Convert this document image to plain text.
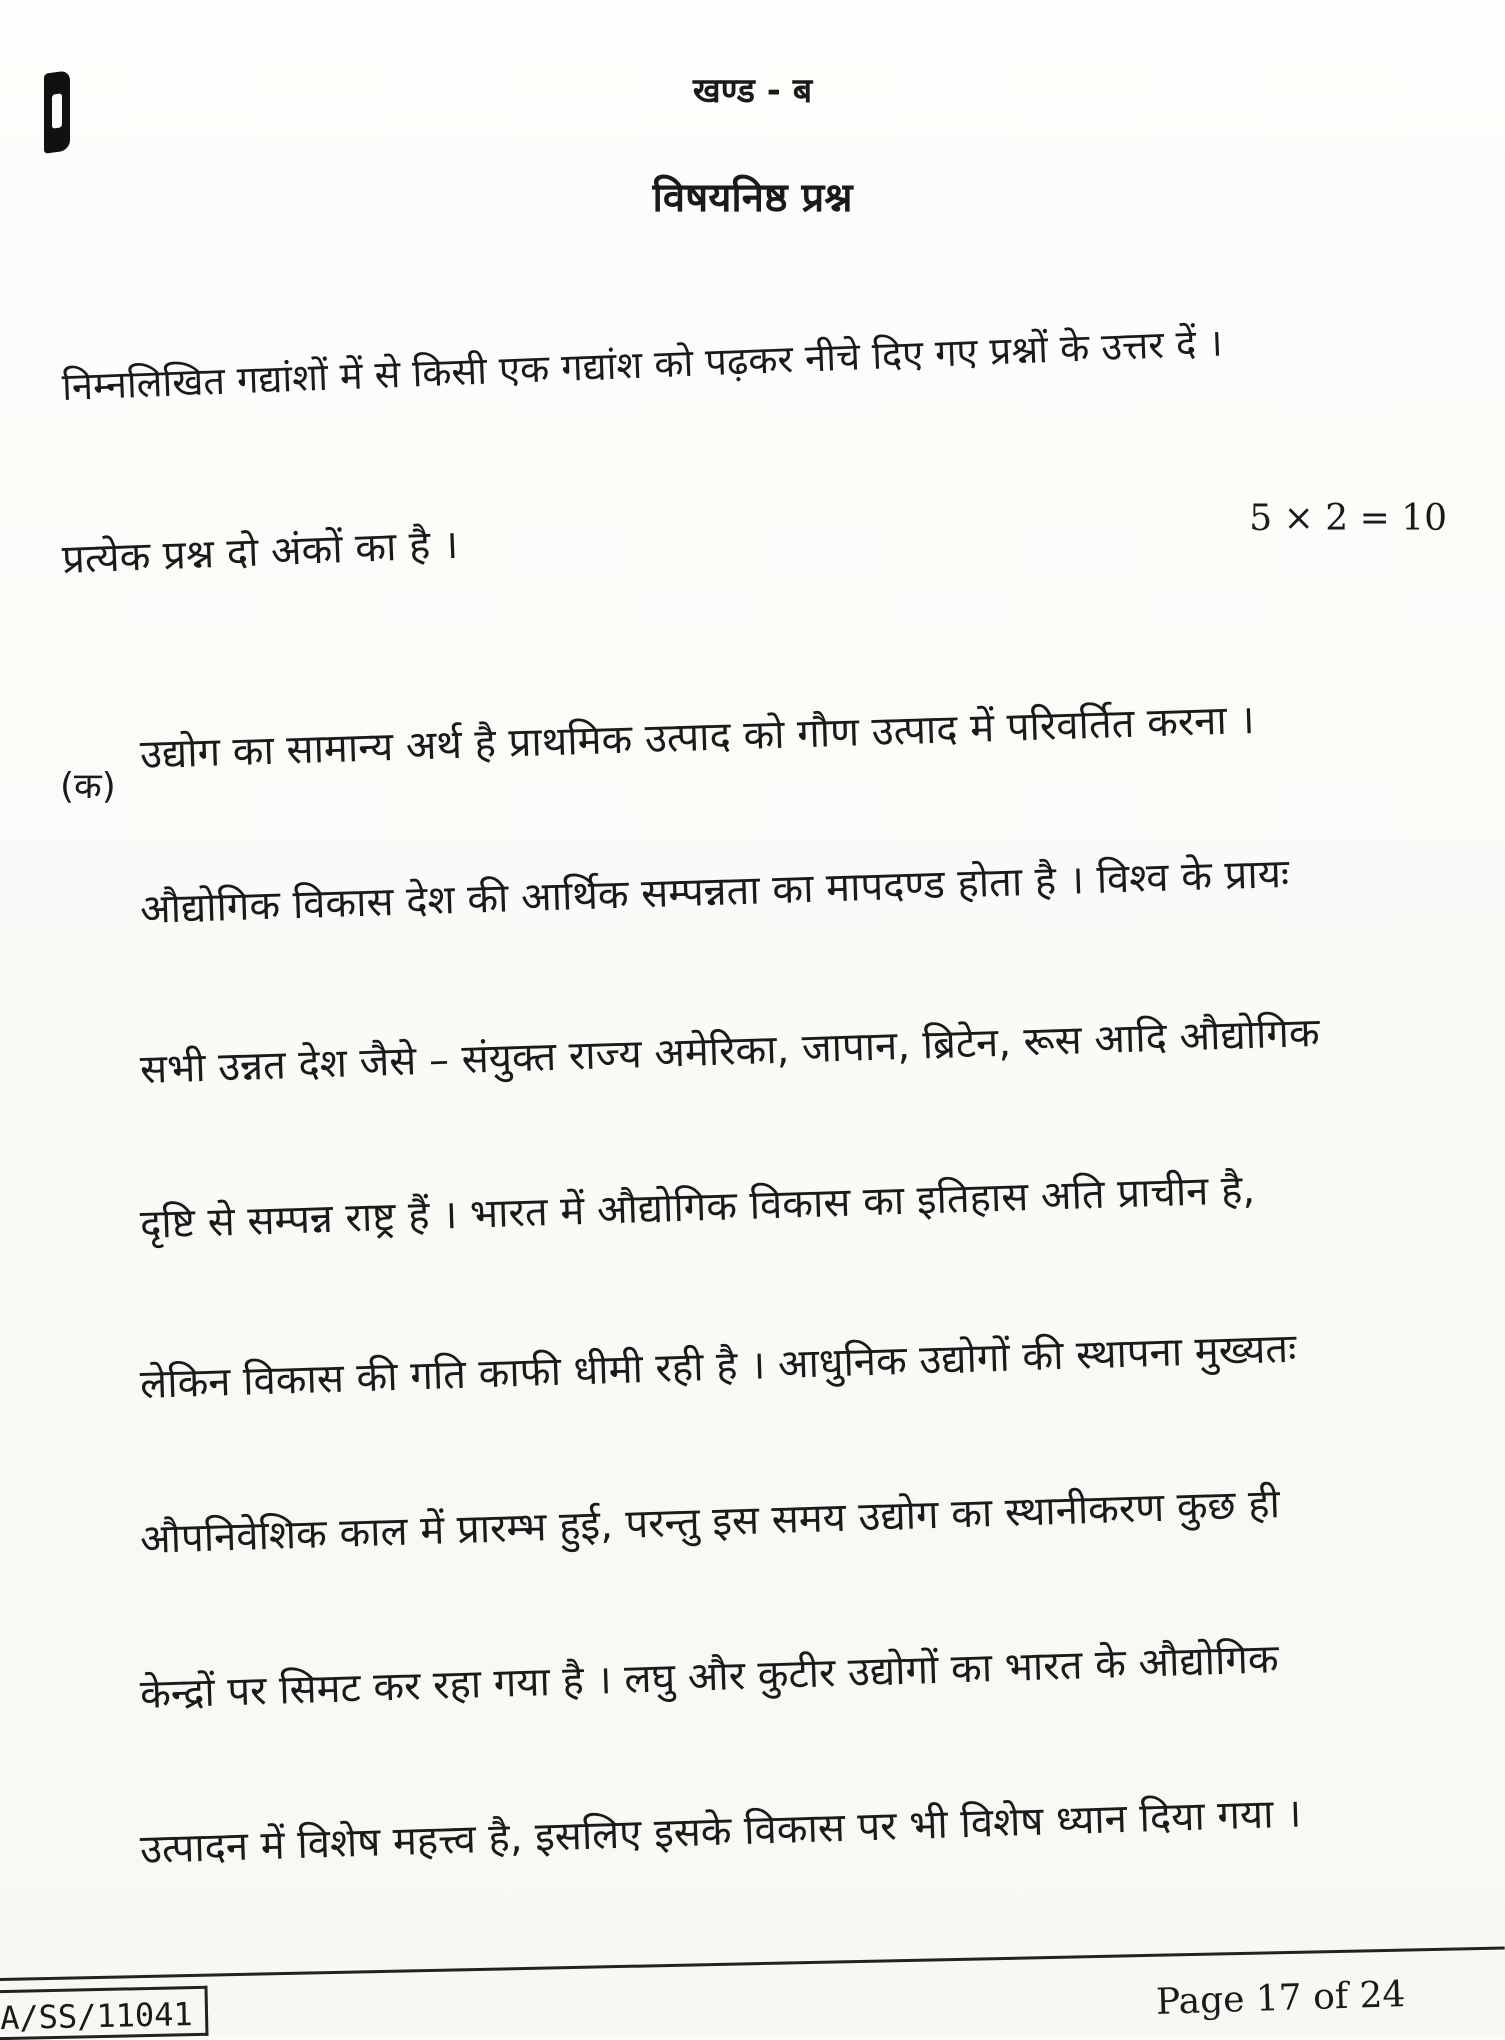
खण्ड - ब
विषयनिष्ठ प्रश्न
निम्नलिखित गद्यांशों में से किसी एक गद्यांश को पढ़कर नीचे दिए गए प्रश्नों के उत्तर दें ।
5 × 2 = 10
प्रत्येक प्रश्न दो अंकों का है ।
(क)
उद्योग का सामान्य अर्थ है प्राथमिक उत्पाद को गौण उत्पाद में परिवर्तित करना ।
औद्योगिक विकास देश की आर्थिक सम्पन्नता का मापदण्ड होता है । विश्व के प्रायः
सभी उन्नत देश जैसे – संयुक्त राज्य अमेरिका, जापान, ब्रिटेन, रूस आदि औद्योगिक
दृष्टि से सम्पन्न राष्ट्र हैं । भारत में औद्योगिक विकास का इतिहास अति प्राचीन है,
लेकिन विकास की गति काफी धीमी रही है । आधुनिक उद्योगों की स्थापना मुख्यतः
औपनिवेशिक काल में प्रारम्भ हुई, परन्तु इस समय उद्योग का स्थानीकरण कुछ ही
केन्द्रों पर सिमट कर रहा गया है । लघु और कुटीर उद्योगों का भारत के औद्योगिक
उत्पादन में विशेष महत्त्व है, इसलिए इसके विकास पर भी विशेष ध्यान दिया गया ।
A/SS/11041	Page 17 of 24
